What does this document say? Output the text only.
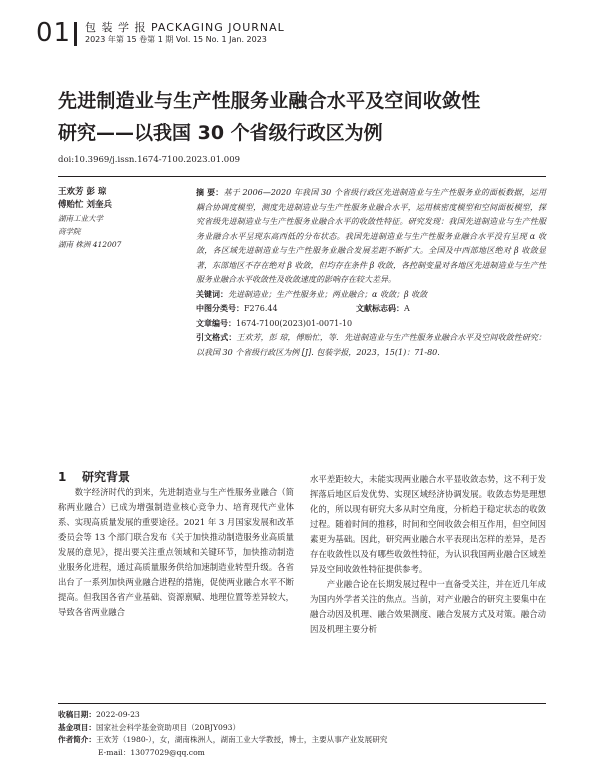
01 包 装 学 报 PACKAGING JOURNAL
2023 年第 15 卷第 1 期 Vol. 15 No. 1 Jan. 2023
先进制造业与生产性服务业融合水平及空间收敛性
研究——以我国 30 个省级行政区为例
doi:10.3969/j.issn.1674-7100.2023.01.009
王欢芳 彭 琼
傅贻忙 刘奎兵
湖南工业大学
商学院
湖南 株洲 412007

摘 要：基于 2006—2020 年我国 30 个省级行政区先进制造业与生产性服务业的面板数据，运用耦合协调度模型，测度先进制造业与生产性服务业融合水平，运用核密度模型和空间面板模型，探究省级先进制造业与生产性服务业融合水平的收敛性特征。研究发现：我国先进制造业与生产性服务业融合水平呈现东高西低的分布状态。我国先进制造业与生产性服务业融合水平没有呈现 α 收敛，各区域先进制造业与生产性服务业融合发展差距不断扩大。全国及中西部地区绝对 β 收敛显著，东部地区不存在绝对 β 收敛，但均存在条件 β 收敛，各控制变量对各地区先进制造业与生产性服务业融合水平收敛性及收敛速度的影响存在较大差异。

关键词：先进制造业；生产性服务业；两业融合；α 收敛；β 收敛

中图分类号：F276.44	文献标志码：A

文章编号：1674-7100(2023)01-0071-10

引文格式：王欢芳，彭 琼，傅贻忙，等．先进制造业与生产性服务业融合水平及空间收敛性研究：以我国 30 个省级行政区为例 [J]. 包装学报，2023，15(1)：71-80.

1 研究背景

数字经济时代的到来，先进制造业与生产性服务业融合（简称两业融合）已成为增强制造业核心竞争力、培育现代产业体系、实现高质量发展的重要途径。2021 年 3 月国家发展和改革委员会等 13 个部门联合发布《关于加快推动制造服务业高质量发展的意见》，提出要关注重点领域和关键环节，加快推动制造业服务化进程，通过高质量服务供给加速制造业转型升级。各省出台了一系列加快两业融合进程的措施，促使两业融合水平不断提高。但我国各省产业基础、资源禀赋、地理位置等差异较大，导致各省两业融合

水平差距较大，未能实现两业融合水平显收敛态势，这不利于发挥落后地区后发优势、实现区域经济协调发展。收敛态势是理想化的，所以现有研究大多从时空角度，分析趋于稳定状态的收敛过程。随着时间的推移，时间和空间收敛会相互作用，但空间因素更为基础。因此，研究两业融合水平表现出怎样的差异，是否存在收敛性以及有哪些收敛性特征，为认识我国两业融合区域差异及空间收敛性特征提供参考。

产业融合论在长期发展过程中一直备受关注，并在近几年成为国内外学者关注的焦点。当前，对产业融合的研究主要集中在融合动因及机理、融合效果测度、融合发展方式及对策。融合动因及机理主要分析

收稿日期：2022-09-23
基金项目：国家社会科学基金资助项目（20BJY093）
作者简介：王欢芳（1980-），女，湖南株洲人，湖南工业大学教授，博士，主要从事产业发展研究
E-mail：13077029@qq.com
